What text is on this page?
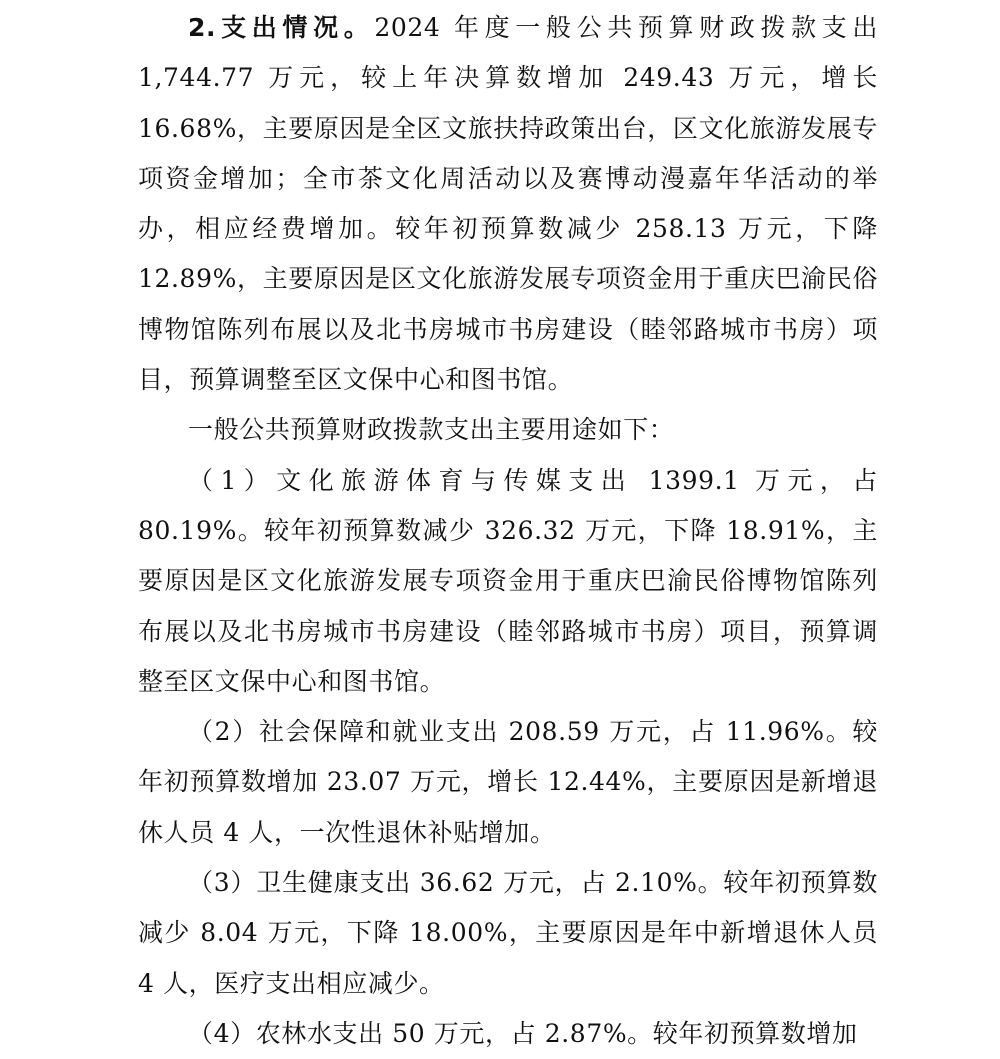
2.支出情况。2024 年度一般公共预算财政拨款支出 1,744.77 万元，较上年决算数增加 249.43 万元，增长 16.68%，主要原因是全区文旅扶持政策出台，区文化旅游发展专项资金增加；全市茶文化周活动以及赛博动漫嘉年华活动的举办，相应经费增加。较年初预算数减少 258.13 万元，下降 12.89%，主要原因是区文化旅游发展专项资金用于重庆巴渝民俗博物馆陈列布展以及北书房城市书房建设（睦邻路城市书房）项目，预算调整至区文保中心和图书馆。

一般公共预算财政拨款支出主要用途如下：

（1）文化旅游体育与传媒支出 1399.1 万元，占 80.19%。较年初预算数减少 326.32 万元，下降 18.91%，主要原因是区文化旅游发展专项资金用于重庆巴渝民俗博物馆陈列布展以及北书房城市书房建设（睦邻路城市书房）项目，预算调整至区文保中心和图书馆。

（2）社会保障和就业支出 208.59 万元，占 11.96%。较年初预算数增加 23.07 万元，增长 12.44%，主要原因是新增退休人员 4 人，一次性退休补贴增加。

（3）卫生健康支出 36.62 万元，占 2.10%。较年初预算数减少 8.04 万元，下降 18.00%，主要原因是年中新增退休人员 4 人，医疗支出相应减少。

（4）农林水支出 50 万元，占 2.87%。较年初预算数增加
